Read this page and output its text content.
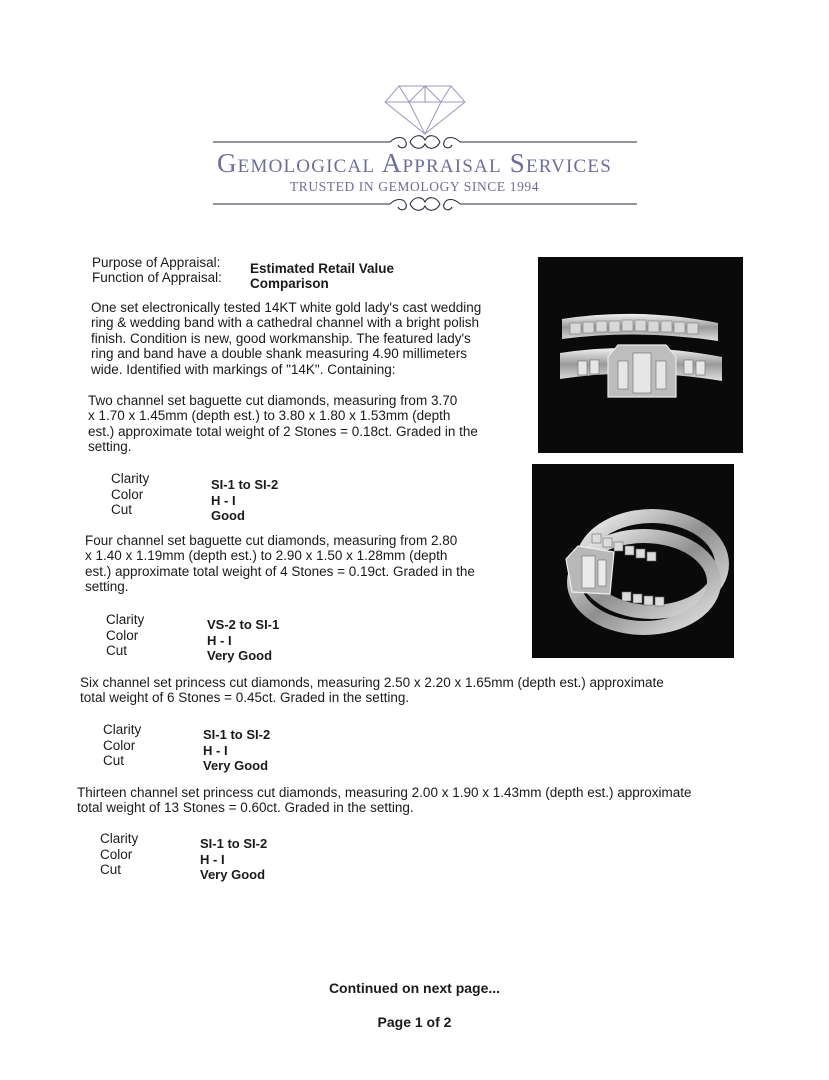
Gemological Appraisal Services
TRUSTED IN GEMOLOGY SINCE 1994
Purpose of Appraisal: Estimated Retail Value
Function of Appraisal: Comparison
One set electronically tested 14KT white gold lady's cast wedding
ring & wedding band with a cathedral channel with a bright polish
finish. Condition is new, good workmanship. The featured lady's
ring and band have a double shank measuring 4.90 millimeters
wide. Identified with markings of "14K". Containing:
Two channel set baguette cut diamonds, measuring from 3.70
x 1.70 x 1.45mm (depth est.) to 3.80 x 1.80 x 1.53mm (depth
est.) approximate total weight of 2 Stones = 0.18ct. Graded in the
setting.
Clarity
Color
Cut
SI-1 to SI-2
H - I
Good
Four channel set baguette cut diamonds, measuring from 2.80
x 1.40 x 1.19mm (depth est.) to 2.90 x 1.50 x 1.28mm (depth
est.) approximate total weight of 4 Stones = 0.19ct. Graded in the
setting.
Clarity
Color
Cut
VS-2 to SI-1
H - I
Very Good
Six channel set princess cut diamonds, measuring 2.50 x 2.20 x 1.65mm (depth est.) approximate
total weight of 6 Stones = 0.45ct. Graded in the setting.
Clarity
Color
Cut
SI-1 to SI-2
H - I
Very Good
Thirteen channel set princess cut diamonds, measuring 2.00 x 1.90 x 1.43mm (depth est.) approximate
total weight of 13 Stones = 0.60ct. Graded in the setting.
Clarity
Color
Cut
SI-1 to SI-2
H - I
Very Good
Continued on next page...
Page 1 of 2
